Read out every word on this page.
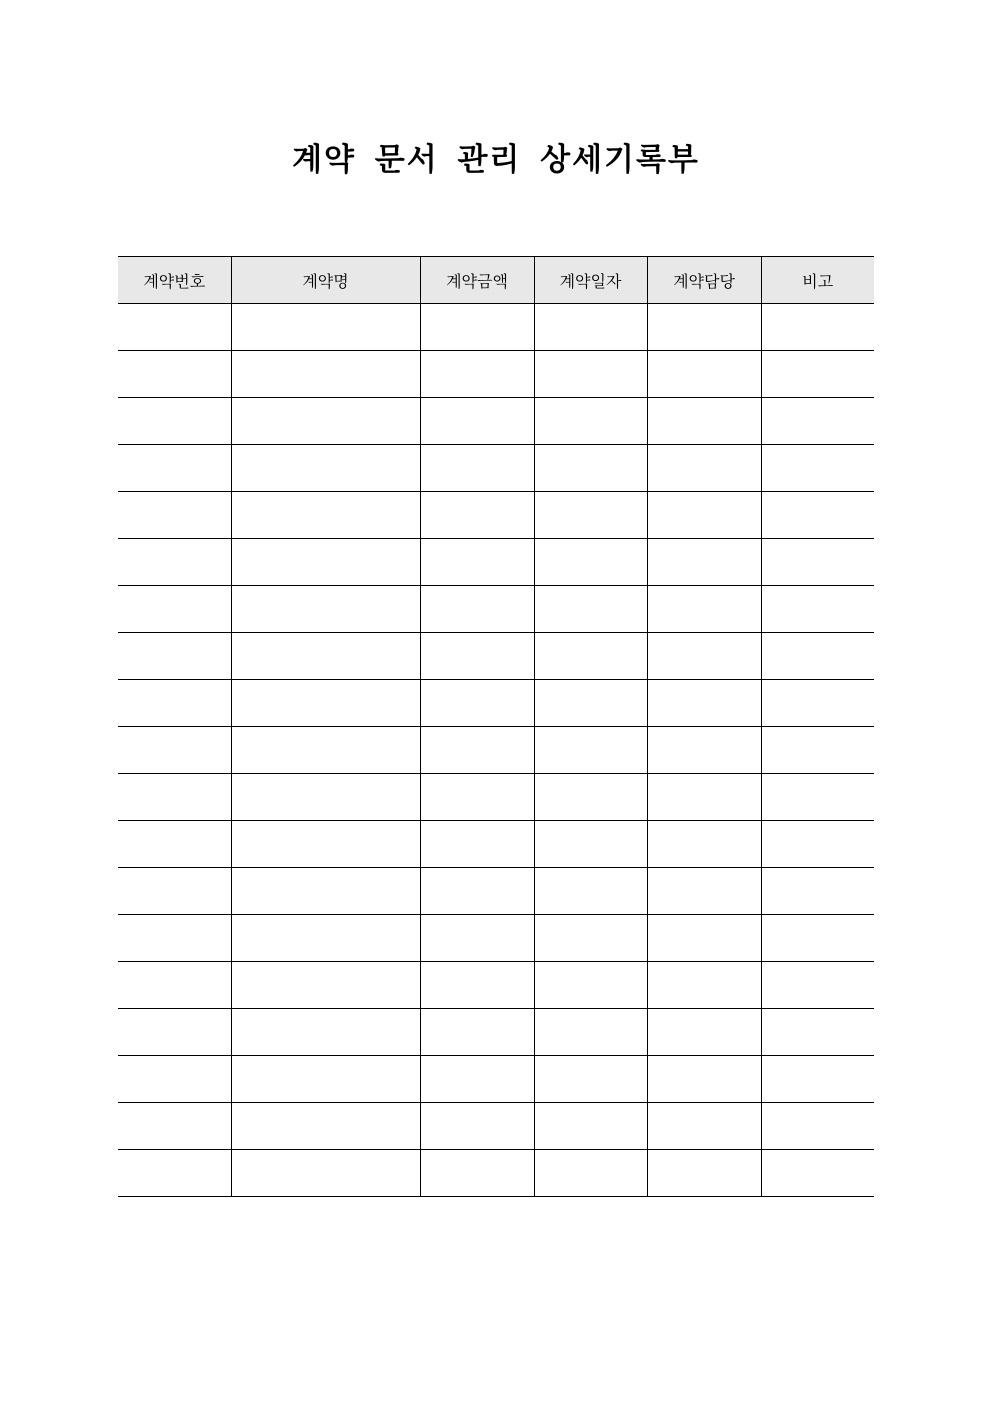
계약 문서 관리 상세기록부
계약번호	계약명	계약금액	계약일자	계약담당	비고
